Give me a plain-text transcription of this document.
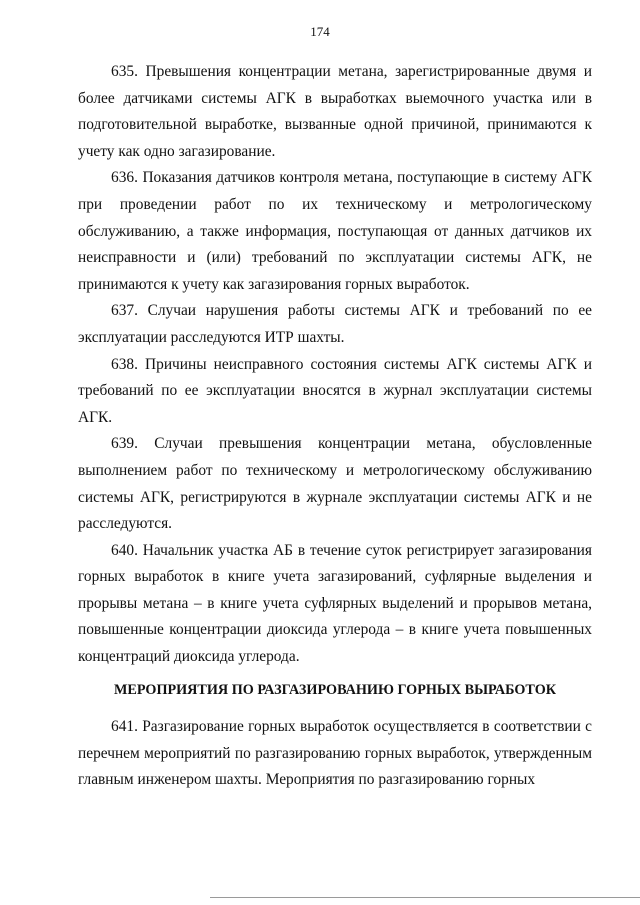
174

635. Превышения концентрации метана, зарегистрированные двумя и более датчиками системы АГК в выработках выемочного участка или в подготовительной выработке, вызванные одной причиной, принимаются к учету как одно загазирование.

636. Показания датчиков контроля метана, поступающие в систему АГК при проведении работ по их техническому и метрологическому обслуживанию, а также информация, поступающая от данных датчиков их неисправности и (или) требований по эксплуатации системы АГК, не принимаются к учету как загазирования горных выработок.

637. Случаи нарушения работы системы АГК и требований по ее эксплуатации расследуются ИТР шахты.

638. Причины неисправного состояния системы АГК системы АГК и требований по ее эксплуатации вносятся в журнал эксплуатации системы АГК.

639. Случаи превышения концентрации метана, обусловленные выполнением работ по техническому и метрологическому обслуживанию системы АГК, регистрируются в журнале эксплуатации системы АГК и не расследуются.

640. Начальник участка АБ в течение суток регистрирует загазирования горных выработок в книге учета загазирований, суфлярные выделения и прорывы метана – в книге учета суфлярных выделений и прорывов метана, повышенные концентрации диоксида углерода – в книге учета повышенных концентраций диоксида углерода.

МЕРОПРИЯТИЯ ПО РАЗГАЗИРОВАНИЮ ГОРНЫХ ВЫРАБОТОК

641. Разгазирование горных выработок осуществляется в соответствии с перечнем мероприятий по разгазированию горных выработок, утвержденным главным инженером шахты. Мероприятия по разгазированию горных
